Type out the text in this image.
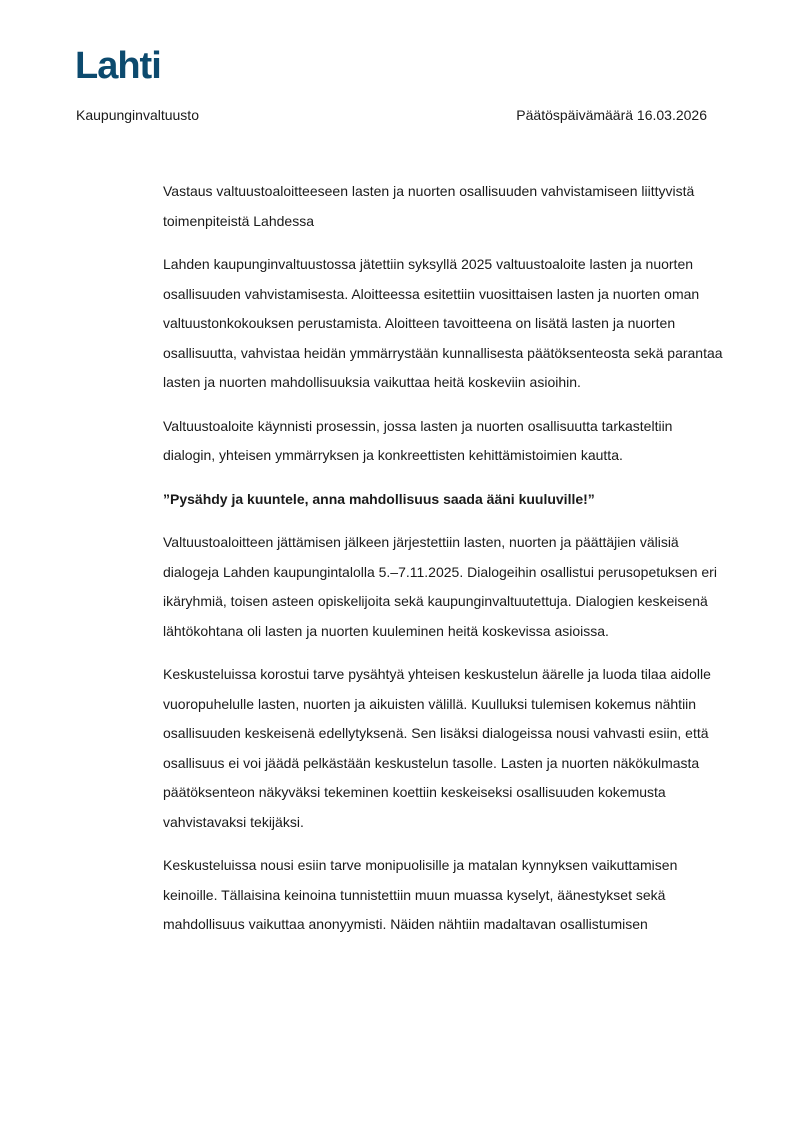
Lahti
Kaupunginvaltuusto	Päätöspäivämäärä 16.03.2026

Vastaus valtuustoaloitteeseen lasten ja nuorten osallisuuden vahvistamiseen liittyvistä toimenpiteistä Lahdessa

Lahden kaupunginvaltuustossa jätettiin syksyllä 2025 valtuustoaloite lasten ja nuorten osallisuuden vahvistamisesta. Aloitteessa esitettiin vuosittaisen lasten ja nuorten oman valtuustonkokouksen perustamista. Aloitteen tavoitteena on lisätä lasten ja nuorten osallisuutta, vahvistaa heidän ymmärrystään kunnallisesta päätöksenteosta sekä parantaa lasten ja nuorten mahdollisuuksia vaikuttaa heitä koskeviin asioihin.

Valtuustoaloite käynnisti prosessin, jossa lasten ja nuorten osallisuutta tarkasteltiin dialogin, yhteisen ymmärryksen ja konkreettisten kehittämistoimien kautta.

”Pysähdy ja kuuntele, anna mahdollisuus saada ääni kuuluville!”

Valtuustoaloitteen jättämisen jälkeen järjestettiin lasten, nuorten ja päättäjien välisiä dialogeja Lahden kaupungintalolla 5.–7.11.2025. Dialogeihin osallistui perusopetuksen eri ikäryhmiä, toisen asteen opiskelijoita sekä kaupunginvaltuutettuja. Dialogien keskeisenä lähtökohtana oli lasten ja nuorten kuuleminen heitä koskevissa asioissa.

Keskusteluissa korostui tarve pysähtyä yhteisen keskustelun äärelle ja luoda tilaa aidolle vuoropuhelulle lasten, nuorten ja aikuisten välillä. Kuulluksi tulemisen kokemus nähtiin osallisuuden keskeisenä edellytyksenä. Sen lisäksi dialogeissa nousi vahvasti esiin, että osallisuus ei voi jäädä pelkästään keskustelun tasolle. Lasten ja nuorten näkökulmasta päätöksenteon näkyväksi tekeminen koettiin keskeiseksi osallisuuden kokemusta vahvistavaksi tekijäksi.

Keskusteluissa nousi esiin tarve monipuolisille ja matalan kynnyksen vaikuttamisen keinoille. Tällaisina keinoina tunnistettiin muun muassa kyselyt, äänestykset sekä mahdollisuus vaikuttaa anonyymisti. Näiden nähtiin madaltavan osallistumisen
